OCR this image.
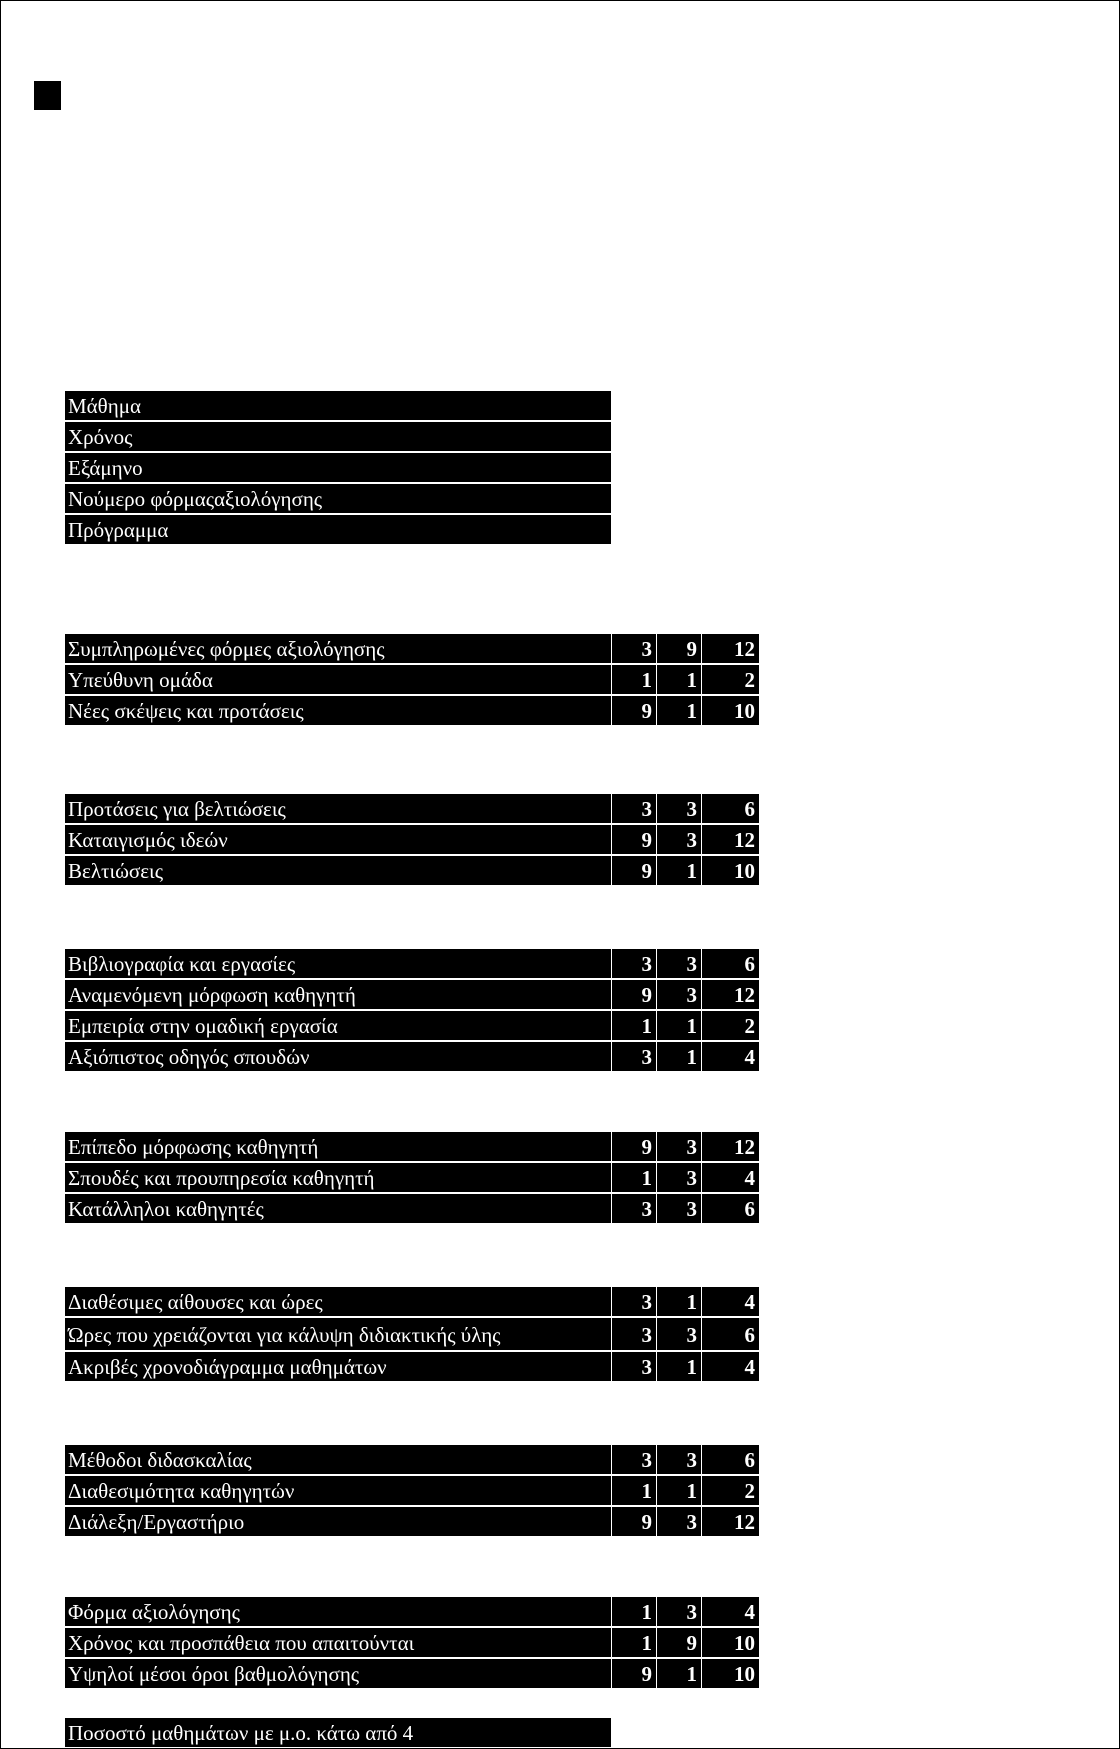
Μάθημα
Χρόνος
Εξάμηνο
Νούμερο φόρμαςαξιολόγησης
Πρόγραμμα
Συμπληρωμένες φόρμες αξιολόγησης	3	9	12
Υπεύθυνη ομάδα	1	1	2
Νέες σκέψεις και προτάσεις	9	1	10
Προτάσεις για βελτιώσεις	3	3	6
Καταιγισμός ιδεών	9	3	12
Βελτιώσεις	9	1	10
Βιβλιογραφία και εργασίες	3	3	6
Αναμενόμενη μόρφωση καθηγητή	9	3	12
Εμπειρία στην ομαδική εργασία	1	1	2
Αξιόπιστος οδηγός σπουδών	3	1	4
Επίπεδο μόρφωσης καθηγητή	9	3	12
Σπουδές και προυπηρεσία καθηγητή	1	3	4
Κατάλληλοι καθηγητές	3	3	6
Διαθέσιμες αίθουσες και ώρες	3	1	4
Ώρες που χρειάζονται για κάλυψη διδιακτικής ύλης	3	3	6
Ακριβές χρονοδιάγραμμα μαθημάτων	3	1	4
Μέθοδοι διδασκαλίας	3	3	6
Διαθεσιμότητα καθηγητών	1	1	2
Διάλεξη/Εργαστήριο	9	3	12
Φόρμα αξιολόγησης	1	3	4
Χρόνος και προσπάθεια που απαιτούνται	1	9	10
Υψηλοί μέσοι όροι βαθμολόγησης	9	1	10
Ποσοστό μαθημάτων με μ.ο. κάτω από 4
